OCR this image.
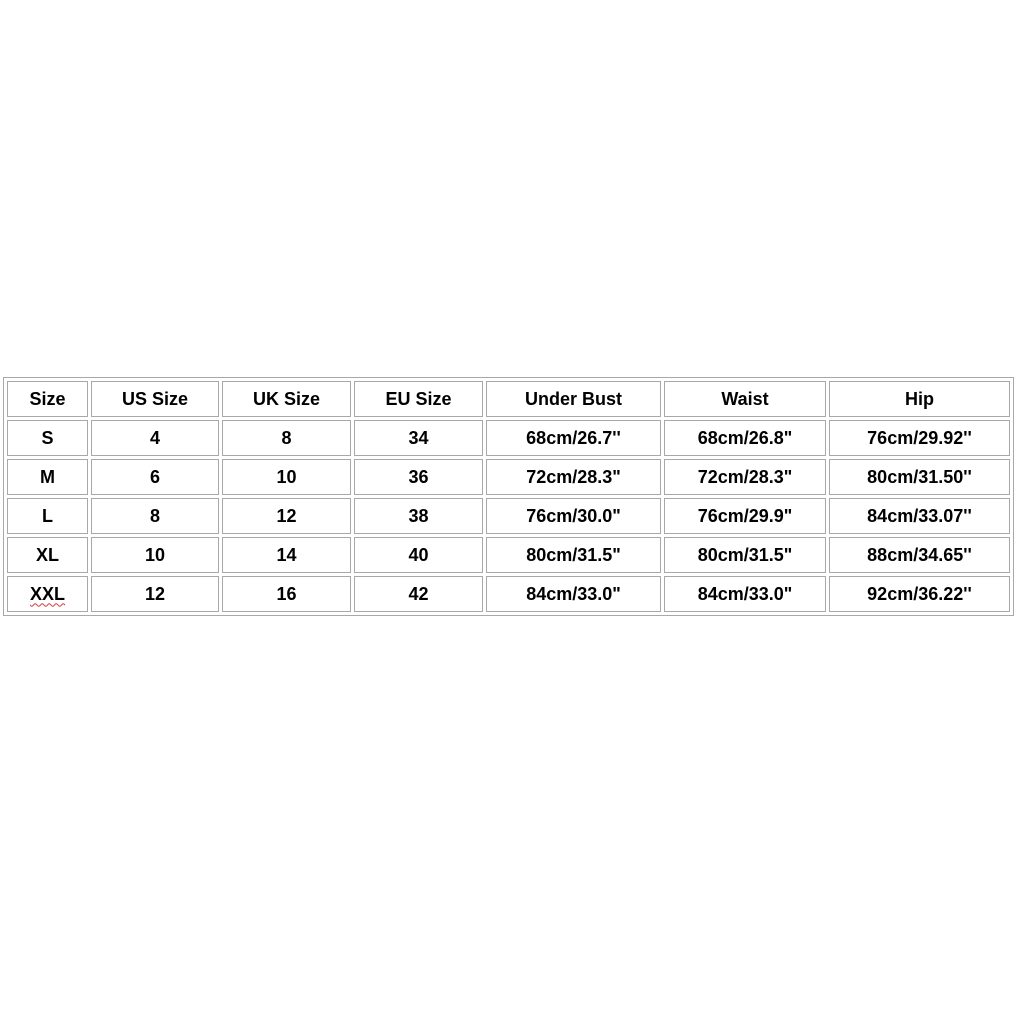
Size	US Size	UK Size	EU Size	Under Bust	Waist	Hip
S	4	8	34	68cm/26.7''	68cm/26.8"	76cm/29.92''
M	6	10	36	72cm/28.3"	72cm/28.3"	80cm/31.50''
L	8	12	38	76cm/30.0"	76cm/29.9"	84cm/33.07''
XL	10	14	40	80cm/31.5"	80cm/31.5"	88cm/34.65''
XXL	12	16	42	84cm/33.0"	84cm/33.0"	92cm/36.22''
